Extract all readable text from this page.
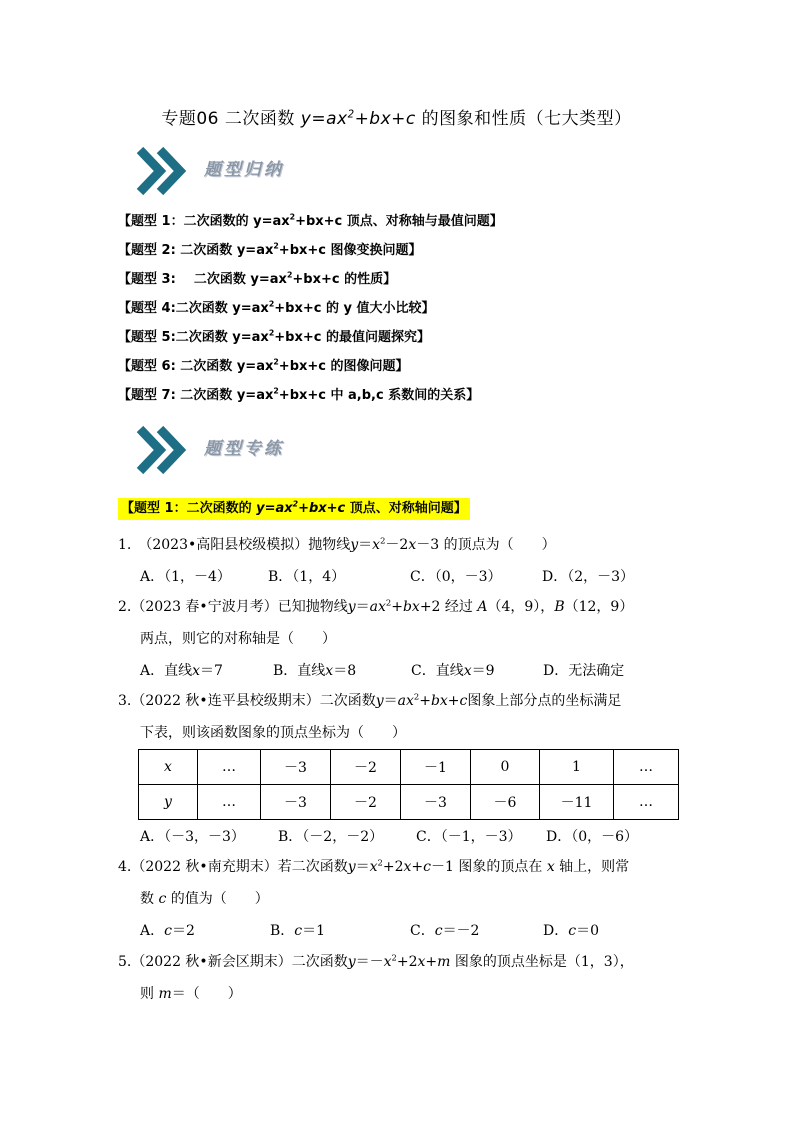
专题06 二次函数 $y=ax^2+bx+c$ 的图象和性质（七大类型）
题型归纳
【题型 1：二次函数的 $y=ax^2+bx+c$ 顶点、对称轴与最值问题】
【题型 2: 二次函数 $y=ax^2+bx+c$ 图像变换问题】
【题型 3:    二次函数 $y=ax^2+bx+c$ 的性质】
【题型 4:二次函数 $y=ax^2+bx+c$ 的 y 值大小比较】
【题型 5:二次函数 $y=ax^2+bx+c$ 的最值问题探究】
【题型 6: 二次函数 $y=ax^2+bx+c$ 的图像问题】
【题型 7: 二次函数 $y=ax^2+bx+c$ 中 a,b,c 系数间的关系】
题型专练
【题型 1：二次函数的 $y=ax^2+bx+c$ 顶点、对称轴问题】
1.　 （2023•高阳县校级模拟）抛物线$y=x^2-2x-3$ 的顶点为（　　）
A．（1，－4）	B．（1，4）	C．（0，－3）	D．（2，－3）
2.（2023 春•宁波月考）已知抛物线$y=ax^2+bx+2$ 经过 A（4，9），B（12，9）
两点，则它的对称轴是（　　）
A．直线x＝7	B．直线x＝8	C．直线x＝9	D．无法确定
3.（2022 秋•连平县校级期末）二次函数$y=ax^2+bx+c$图象上部分点的坐标满足
下表，则该函数图象的顶点坐标为（　　）
x	…	－3	－2	－1	0	1	…
y	…	－3	－2	－3	－6	－11	…
A．（－3，－3）	B．（－2，－2）	C．（－1，－3）	D．（0，－6）
4.（2022 秋•南充期末）若二次函数$y=x^2+2x+c-1$ 图象的顶点在 x 轴上，则常
数 c 的值为（　　）
A．c＝2	B．c＝1	C．c＝－2	D．c＝0
5.（2022 秋•新会区期末）二次函数$y=-x^2+2x+m$ 图象的顶点坐标是（1，3），
则 m＝（　　）
